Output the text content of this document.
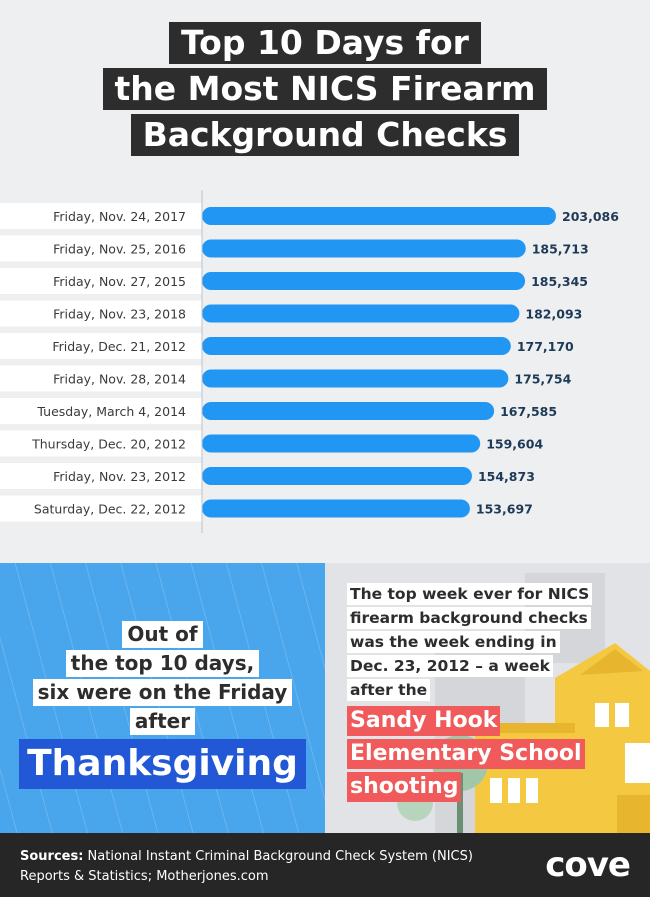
Top 10 Days for
the Most NICS Firearm
Background Checks
Friday, Nov. 24, 2017	203,086
Friday, Nov. 25, 2016	185,713
Friday, Nov. 27, 2015	185,345
Friday, Nov. 23, 2018	182,093
Friday, Dec. 21, 2012	177,170
Friday, Nov. 28, 2014	175,754
Tuesday, March 4, 2014	167,585
Thursday, Dec. 20, 2012	159,604
Friday, Nov. 23, 2012	154,873
Saturday, Dec. 22, 2012	153,697
Out of
the top 10 days,
six were on the Friday
after
Thanksgiving
The top week ever for NICS
firearm background checks
was the week ending in
Dec. 23, 2012 – a week
after the
Sandy Hook
Elementary School
shooting
Sources: National Instant Criminal Background Check System (NICS) Reports & Statistics; Motherjones.com	cove
